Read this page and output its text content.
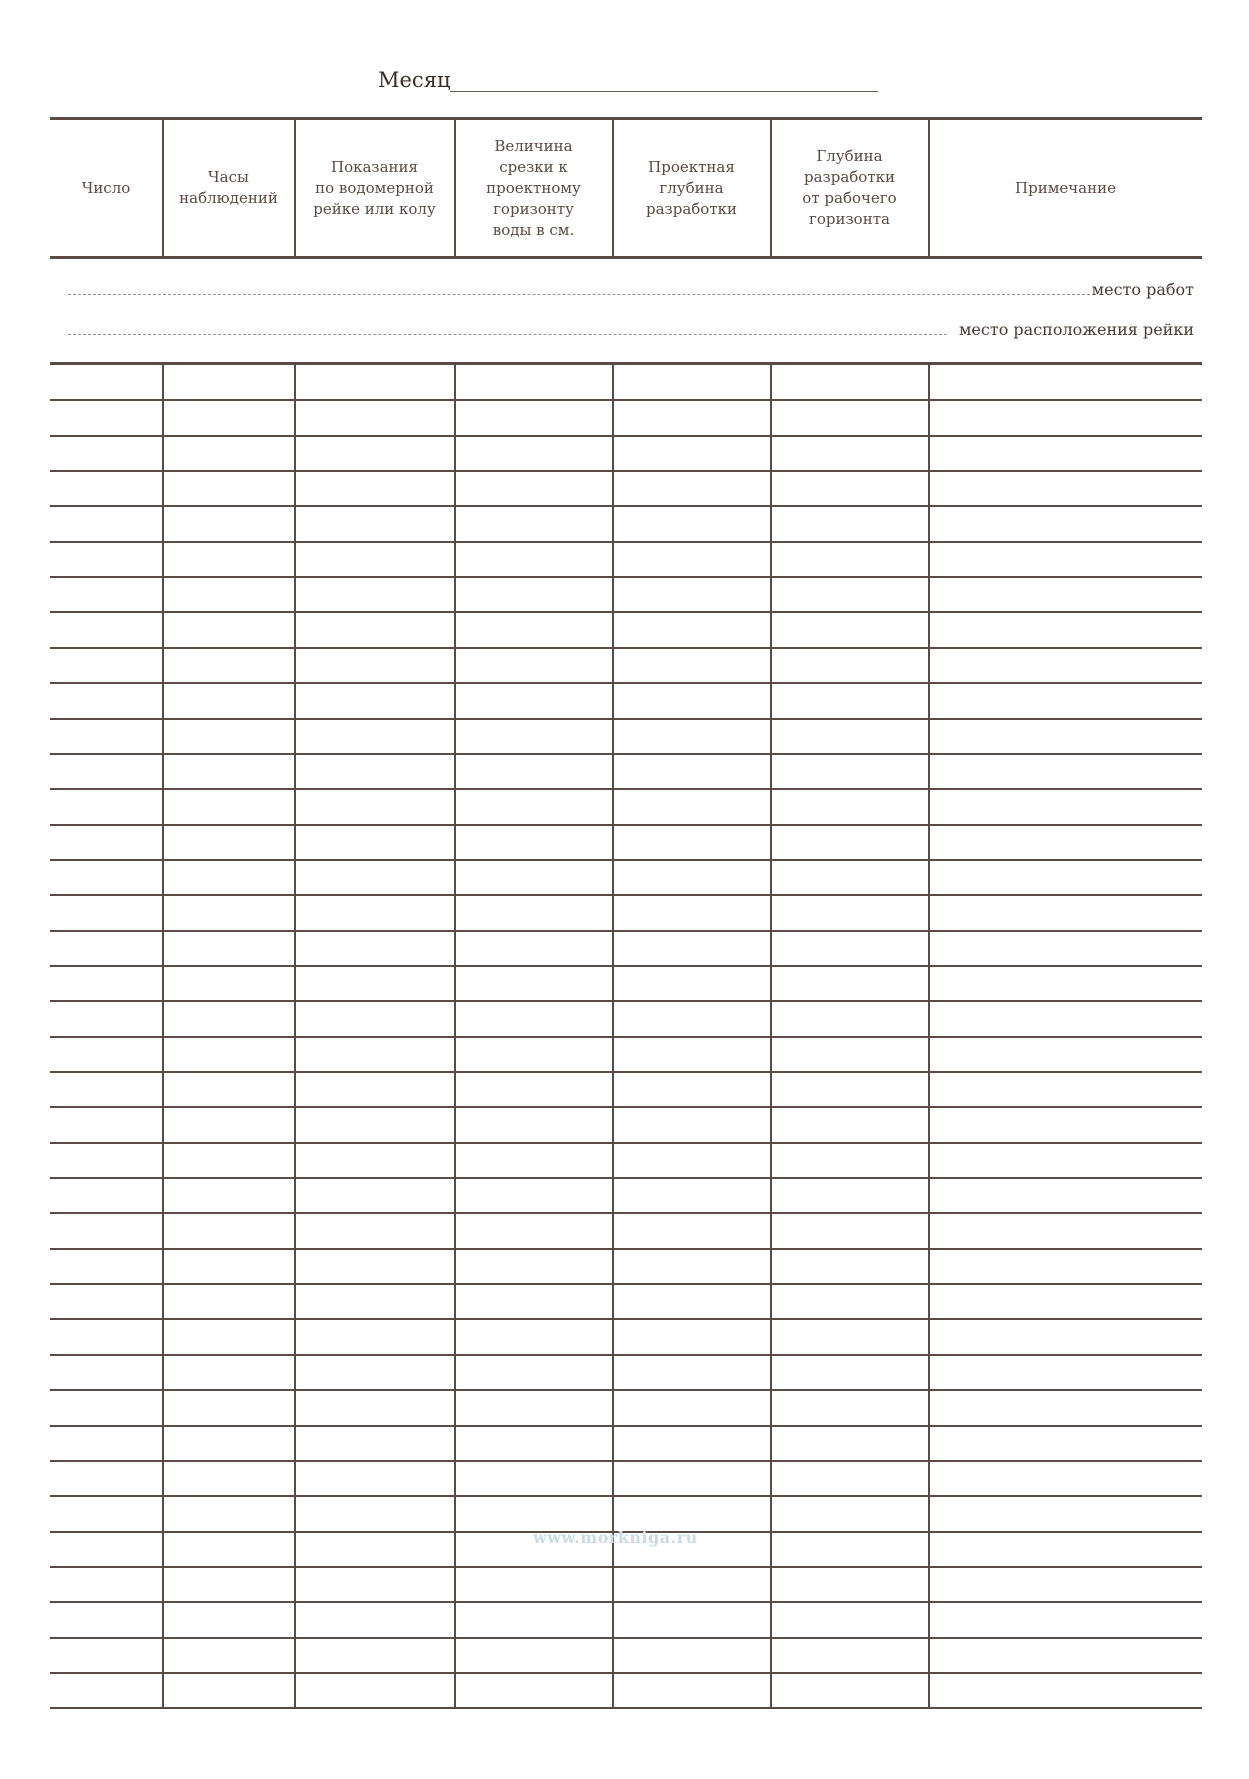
Месяц
Число
Часы
наблюдений
Показания
по водомерной
рейке или колу
Величина
срезки к
проектному
горизонту
воды в см.
Проектная
глубина
разработки
Глубина
разработки
от рабочего
горизонта
Примечание
место работ
место расположения рейки
www.morkniga.ru
